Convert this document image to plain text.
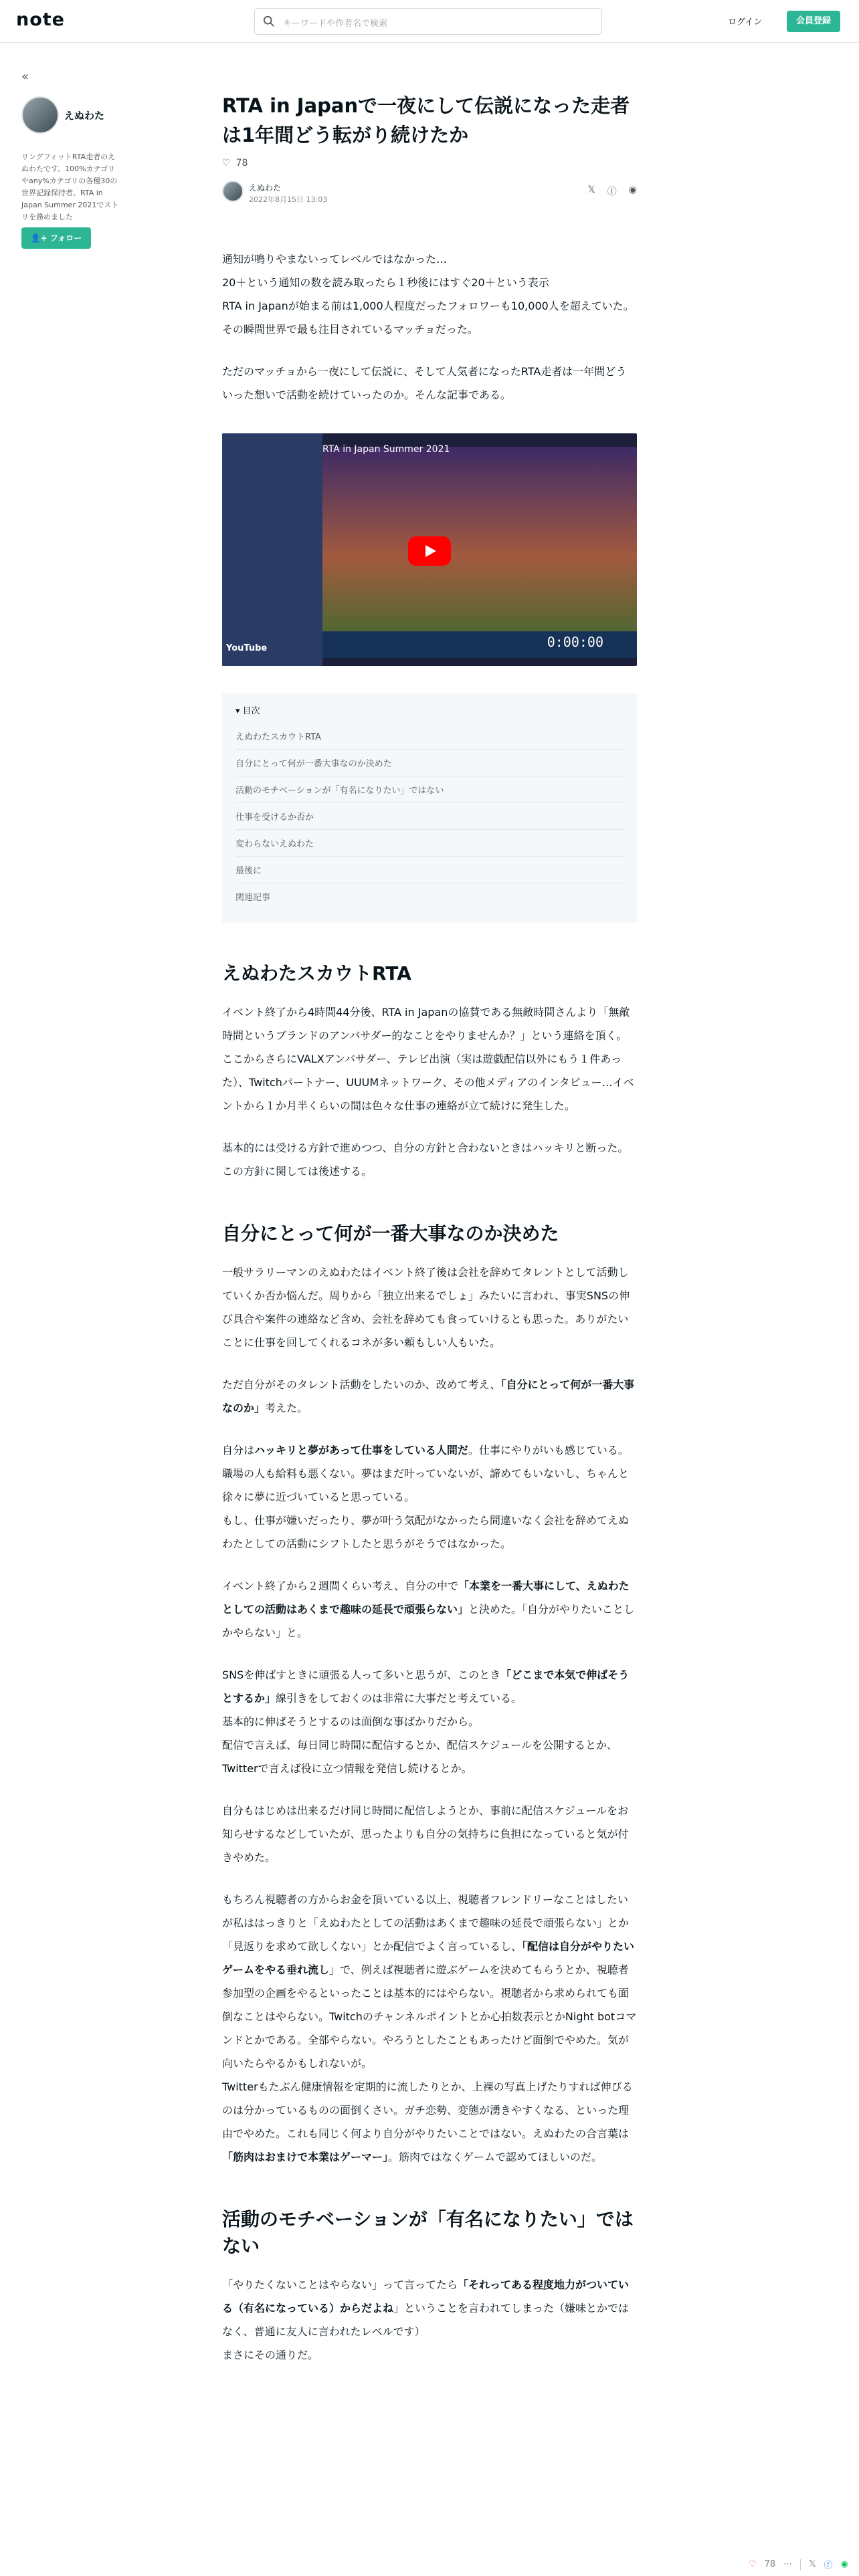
note	キーワードや作者名で検索	ログイン	会員登録
«
えぬわた
リングフィットRTA走者のえぬわたです。100%カテゴリやany%カテゴリの各種30の世界記録保持者。RTA in Japan Summer 2021でストリを務めました
👤+ フォロー
RTA in Japanで一夜にして伝説になった走者は1年間どう転がり続けたか
♡ 78
えぬわた
2022年8月15日 13:03
𝕏 ⓕ ◉

通知が鳴りやまないってレベルではなかった…

20＋という通知の数を読み取ったら１秒後にはすぐ20＋という表示

RTA in Japanが始まる前は1,000人程度だったフォロワーも10,000人を超えていた。

その瞬間世界で最も注目されているマッチョだった。

ただのマッチョから一夜にして伝説に、そして人気者になったRTA走者は一年間どういった想いで活動を続けていったのか。そんな記事である。

RTA in Japan Summer 2021
0:00:00
YouTube
▾ 目次
えぬわたスカウトRTA
自分にとって何が一番大事なのか決めた
活動のモチベーションが「有名になりたい」ではない
仕事を受けるか否か
変わらないえぬわた
最後に
関連記事
えぬわたスカウトRTA

イベント終了から4時間44分後、RTA in Japanの協賛である無敵時間さんより「無敵時間というブランドのアンバサダー的なことをやりませんか？」という連絡を頂く。

ここからさらにVALXアンバサダー、テレビ出演（実は遊戯配信以外にもう１件あった）、Twitchパートナー、UUUMネットワーク、その他メディアのインタビュー…イベントから１か月半くらいの間は色々な仕事の連絡が立て続けに発生した。

基本的には受ける方針で進めつつ、自分の方針と合わないときはハッキリと断った。

この方針に関しては後述する。

自分にとって何が一番大事なのか決めた

一般サラリーマンのえぬわたはイベント終了後は会社を辞めてタレントとして活動していくか否か悩んだ。周りから「独立出来るでしょ」みたいに言われ、事実SNSの伸び具合や案件の連絡など含め、会社を辞めても食っていけるとも思った。ありがたいことに仕事を回してくれるコネが多い頼もしい人もいた。

ただ自分がそのタレント活動をしたいのか、改めて考え、「自分にとって何が一番大事なのか」考えた。

自分はハッキリと夢があって仕事をしている人間だ。仕事にやりがいも感じている。職場の人も給料も悪くない。夢はまだ叶っていないが、諦めてもいないし、ちゃんと徐々に夢に近づいていると思っている。

もし、仕事が嫌いだったり、夢が叶う気配がなかったら間違いなく会社を辞めてえぬわたとしての活動にシフトしたと思うがそうではなかった。

イベント終了から２週間くらい考え、自分の中で「本業を一番大事にして、えぬわたとしての活動はあくまで趣味の延長で頑張らない」と決めた。「自分がやりたいことしかやらない」と。

SNSを伸ばすときに頑張る人って多いと思うが、このとき「どこまで本気で伸ばそうとするか」線引きをしておくのは非常に大事だと考えている。

基本的に伸ばそうとするのは面倒な事ばかりだから。

配信で言えば、毎日同じ時間に配信するとか、配信スケジュールを公開するとか、Twitterで言えば役に立つ情報を発信し続けるとか。

自分もはじめは出来るだけ同じ時間に配信しようとか、事前に配信スケジュールをお知らせするなどしていたが、思ったよりも自分の気持ちに負担になっていると気が付きやめた。

もちろん視聴者の方からお金を頂いている以上、視聴者フレンドリーなことはしたいが私ははっきりと「えぬわたとしての活動はあくまで趣味の延長で頑張らない」とか「見返りを求めて欲しくない」とか配信でよく言っているし、「配信は自分がやりたいゲームをやる垂れ流し」で、例えば視聴者に遊ぶゲームを決めてもらうとか、視聴者参加型の企画をやるといったことは基本的にはやらない。視聴者から求められても面倒なことはやらない。Twitchのチャンネルポイントとか心拍数表示とかNight botコマンドとかである。全部やらない。やろうとしたこともあったけど面倒でやめた。気が向いたらやるかもしれないが。

Twitterもたぶん健康情報を定期的に流したりとか、上裸の写真上げたりすれば伸びるのは分かっているものの面倒くさい。ガチ恋勢、変態が湧きやすくなる、といった理由でやめた。これも同じく何より自分がやりたいことではない。えぬわたの合言葉は「筋肉はおまけで本業はゲーマー」。筋肉ではなくゲームで認めてほしいのだ。

活動のモチベーションが「有名になりたい」ではない

「やりたくないことはやらない」って言ってたら「それってある程度地力がついている（有名になっている）からだよね」ということを言われてしまった（嫌味とかではなく、普通に友人に言われたレベルです）

まさにその通りだ。

♡ 78 ⋯ 𝕏 ⓕ ◉
